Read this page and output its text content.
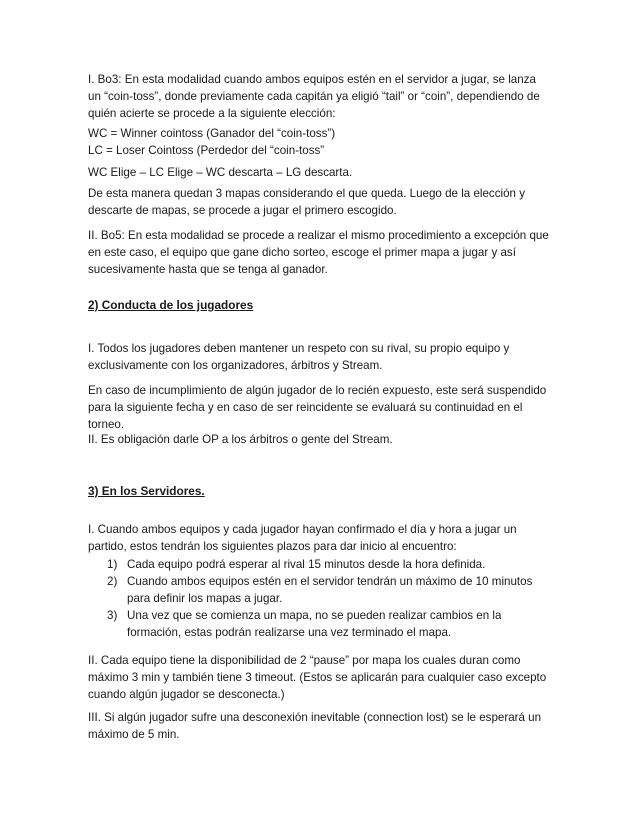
I. Bo3: En esta modalidad cuando ambos equipos estén en el servidor a jugar, se lanza un “coin-toss”, donde previamente cada capitán ya eligió “tail” or “coin”, dependiendo de quién acierte se procede a la siguiente elección:

WC = Winner cointoss (Ganador del “coin-toss”)

LC = Loser Cointoss (Perdedor del “coin-toss”

WC Elige – LC Elige – WC descarta – LG descarta.

De esta manera quedan 3 mapas considerando el que queda. Luego de la elección y descarte de mapas, se procede a jugar el primero escogido.

II. Bo5: En esta modalidad se procede a realizar el mismo procedimiento a excepción que en este caso, el equipo que gane dicho sorteo, escoge el primer mapa a jugar y así sucesivamente hasta que se tenga al ganador.

2) Conducta de los jugadores

I. Todos los jugadores deben mantener un respeto con su rival, su propio equipo y exclusivamente con los organizadores, árbitros y Stream.

En caso de incumplimiento de algún jugador de lo recién expuesto, este será suspendido para la siguiente fecha y en caso de ser reincidente se evaluará su continuidad en el torneo.

II. Es obligación darle OP a los árbitros o gente del Stream.

3) En los Servidores.

I. Cuando ambos equipos y cada jugador hayan confirmado el día y hora a jugar un partido, estos tendrán los siguientes plazos para dar inicio al encuentro:

1) Cada equipo podrá esperar al rival 15 minutos desde la hora definida.
2) Cuando ambos equipos estén en el servidor tendrán un máximo de 10 minutos para definir los mapas a jugar.
3) Una vez que se comienza un mapa, no se pueden realizar cambios en la formación, estas podrán realizarse una vez terminado el mapa.

II. Cada equipo tiene la disponibilidad de 2 “pause” por mapa los cuales duran como máximo 3 min y también tiene 3 timeout. (Estos se aplicarán para cualquier caso excepto cuando algún jugador se desconecta.)

III. Si algún jugador sufre una desconexión inevitable (connection lost) se le esperará un máximo de 5 min.
